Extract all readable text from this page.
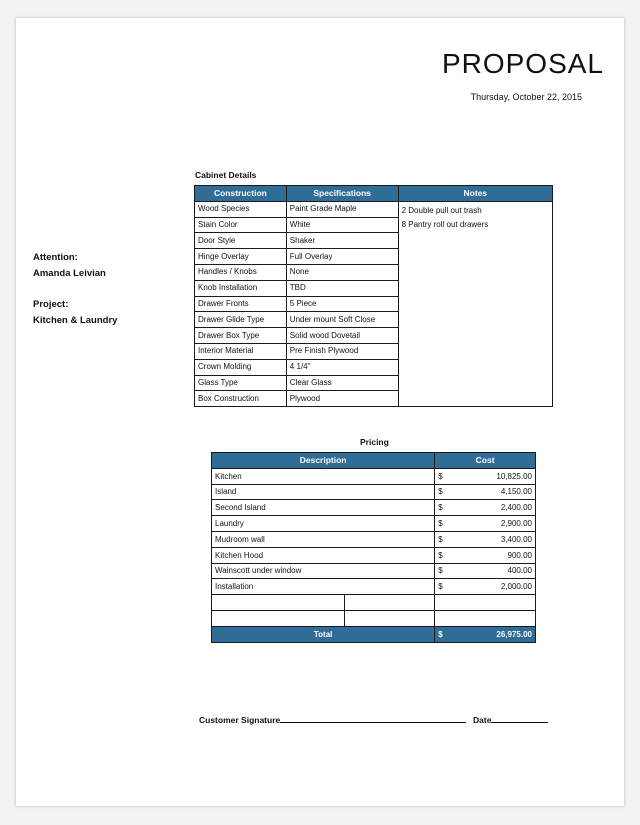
PROPOSAL
Thursday, October 22, 2015
Attention:
Amanda Leivian
Project:
Kitchen & Laundry
Cabinet Details
Construction	Specifications	Notes
Wood Species	Paint Grade Maple	2 Double pull out trash
8 Pantry roll out drawers

Stain Color	White	
Door Style	Shaker	
Hinge Overlay	Full Overlay	
Handles / Knobs	None	
Knob Installation	TBD	
Drawer Fronts	5 Piece	
Drawer Glide Type	Under mount Soft Close	
Drawer Box Type	Solid wood Dovetail	
Interior Material	Pre Finish Plywood	
Crown Molding	4 1/4"	
Glass Type	Clear Glass	
Box Construction	Plywood	
Pricing
Description		Cost	
Kitchen		$	10,825.00
Island		$	4,150.00
Second Island		$	2,400.00
Laundry		$	2,900.00
Mudroom wall		$	3,400.00
Kitchen Hood		$	900.00
Wainscott under window		$	400.00
Installation		$	2,000.00

Total		$	26,975.00
Customer Signature	Date
